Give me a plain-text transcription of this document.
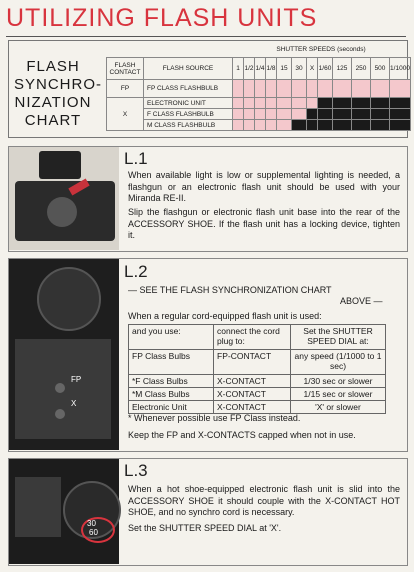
UTILIZING FLASH UNITS
FLASH
SYNCHRO-
NIZATION
CHART
SHUTTER SPEEDS (seconds)
FLASH CONTACT	FLASH SOURCE	1	1/2	1/4	1/8	15	30	X	1/60	125	250	500	1/1000
FP	FP CLASS FLASHBULB												
X	ELECTRONIC UNIT												
	F CLASS FLASHBULB												
	M CLASS FLASHBULB												
L.1
When available light is low or supplemental lighting is needed, a flashgun or an electronic flash unit should be used with your Miranda RE-II.
Slip the flashgun or electronic flash unit base into the rear of the ACCESSORY SHOE. If the flash unit has a locking device, tighten it.
FP
X
L.2
— SEE THE FLASH SYNCHRONIZATION CHART
ABOVE —
When a regular cord-equipped flash unit is used:
and you use:	connect the cord plug to:	Set the SHUTTER SPEED DIAL at:
FP Class Bulbs	FP-CONTACT	any speed (1/1000 to 1 sec)
*F Class Bulbs	X-CONTACT	1/30 sec or slower
*M Class Bulbs	X-CONTACT	1/15 sec or slower
Electronic Unit	X-CONTACT	'X' or slower
* Whenever possible use FP Class instead.
Keep the FP and X-CONTACTS capped when not in use.
30
60
L.3
When a hot shoe-equipped electronic flash unit is slid into the ACCESSORY SHOE it should couple with the X-CONTACT HOT SHOE, and no synchro cord is necessary.
Set the SHUTTER SPEED DIAL at 'X'.
